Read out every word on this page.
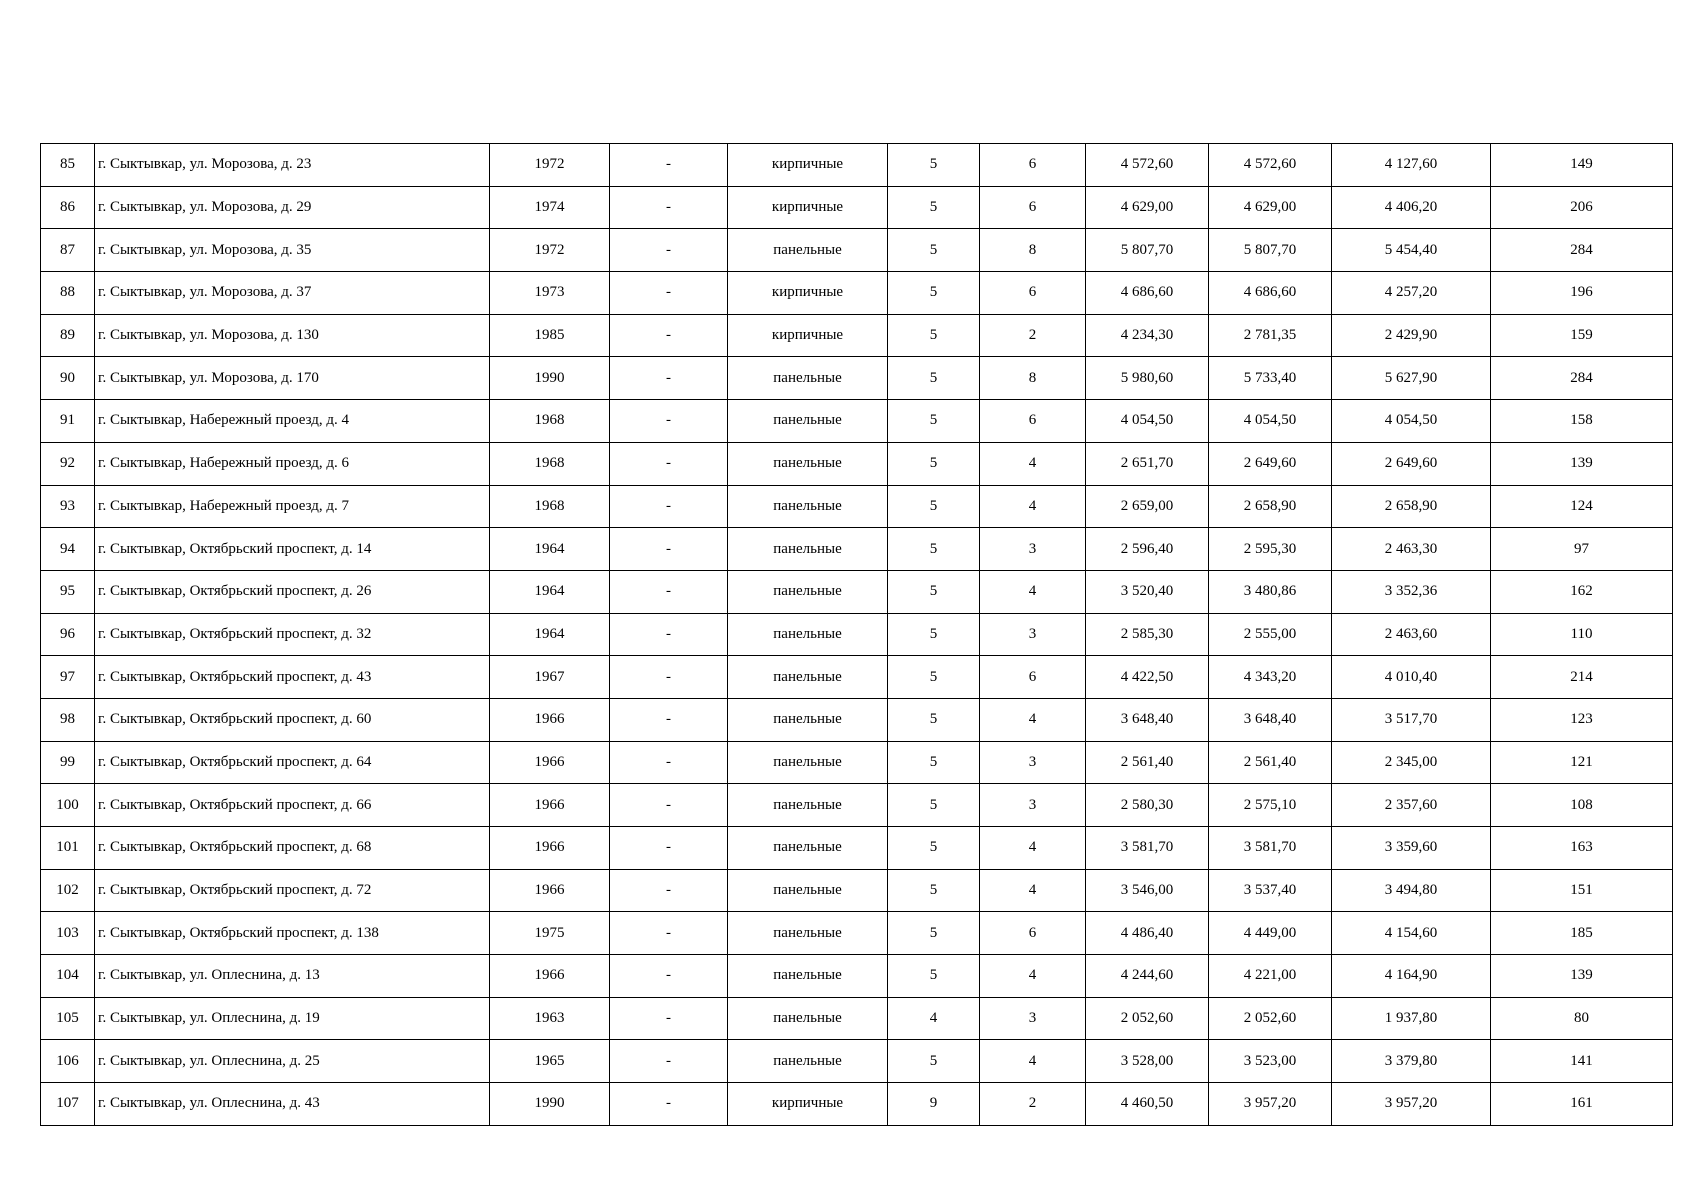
85	г. Сыктывкар, ул. Морозова, д. 23	1972	-	кирпичные	5	6	4 572,60	4 572,60	4 127,60	149
86	г. Сыктывкар, ул. Морозова, д. 29	1974	-	кирпичные	5	6	4 629,00	4 629,00	4 406,20	206
87	г. Сыктывкар, ул. Морозова, д. 35	1972	-	панельные	5	8	5 807,70	5 807,70	5 454,40	284
88	г. Сыктывкар, ул. Морозова, д. 37	1973	-	кирпичные	5	6	4 686,60	4 686,60	4 257,20	196
89	г. Сыктывкар, ул. Морозова, д. 130	1985	-	кирпичные	5	2	4 234,30	2 781,35	2 429,90	159
90	г. Сыктывкар, ул. Морозова, д. 170	1990	-	панельные	5	8	5 980,60	5 733,40	5 627,90	284
91	г. Сыктывкар, Набережный проезд, д. 4	1968	-	панельные	5	6	4 054,50	4 054,50	4 054,50	158
92	г. Сыктывкар, Набережный проезд, д. 6	1968	-	панельные	5	4	2 651,70	2 649,60	2 649,60	139
93	г. Сыктывкар, Набережный проезд, д. 7	1968	-	панельные	5	4	2 659,00	2 658,90	2 658,90	124
94	г. Сыктывкар, Октябрьский проспект, д. 14	1964	-	панельные	5	3	2 596,40	2 595,30	2 463,30	97
95	г. Сыктывкар, Октябрьский проспект, д. 26	1964	-	панельные	5	4	3 520,40	3 480,86	3 352,36	162
96	г. Сыктывкар, Октябрьский проспект, д. 32	1964	-	панельные	5	3	2 585,30	2 555,00	2 463,60	110
97	г. Сыктывкар, Октябрьский проспект, д. 43	1967	-	панельные	5	6	4 422,50	4 343,20	4 010,40	214
98	г. Сыктывкар, Октябрьский проспект, д. 60	1966	-	панельные	5	4	3 648,40	3 648,40	3 517,70	123
99	г. Сыктывкар, Октябрьский проспект, д. 64	1966	-	панельные	5	3	2 561,40	2 561,40	2 345,00	121
100	г. Сыктывкар, Октябрьский проспект, д. 66	1966	-	панельные	5	3	2 580,30	2 575,10	2 357,60	108
101	г. Сыктывкар, Октябрьский проспект, д. 68	1966	-	панельные	5	4	3 581,70	3 581,70	3 359,60	163
102	г. Сыктывкар, Октябрьский проспект, д. 72	1966	-	панельные	5	4	3 546,00	3 537,40	3 494,80	151
103	г. Сыктывкар, Октябрьский проспект, д. 138	1975	-	панельные	5	6	4 486,40	4 449,00	4 154,60	185
104	г. Сыктывкар, ул. Оплеснина, д. 13	1966	-	панельные	5	4	4 244,60	4 221,00	4 164,90	139
105	г. Сыктывкар, ул. Оплеснина, д. 19	1963	-	панельные	4	3	2 052,60	2 052,60	1 937,80	80
106	г. Сыктывкар, ул. Оплеснина, д. 25	1965	-	панельные	5	4	3 528,00	3 523,00	3 379,80	141
107	г. Сыктывкар, ул. Оплеснина, д. 43	1990	-	кирпичные	9	2	4 460,50	3 957,20	3 957,20	161
